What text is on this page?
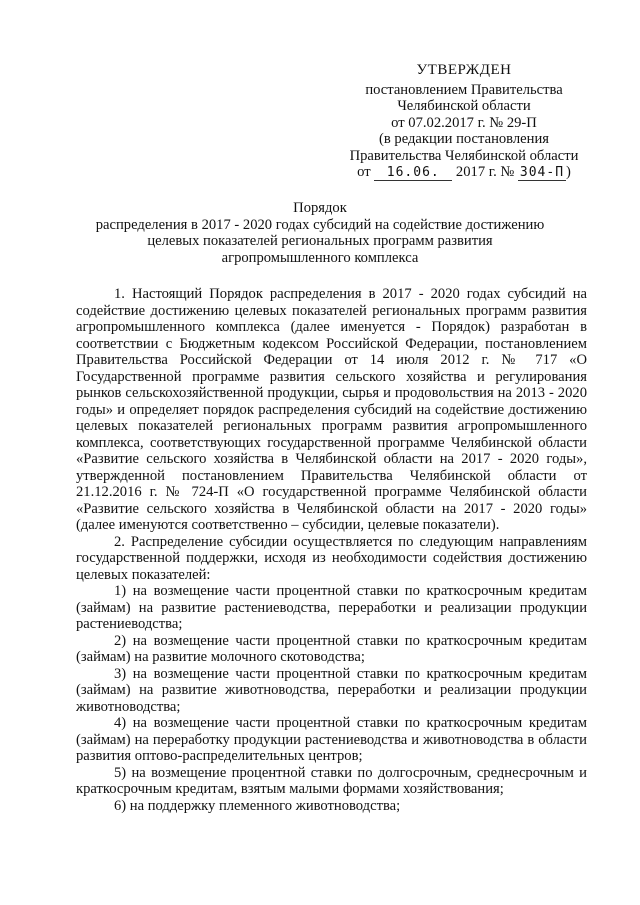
УТВЕРЖДЕН
постановлением Правительства
Челябинской области
от 07.02.2017 г. № 29-П
(в редакции постановления
Правительства Челябинской области
от 16.06. 2017 г. № 304-П )
Порядок
распределения в 2017 - 2020 годах субсидий на содействие достижению
целевых показателей региональных программ развития
агропромышленного комплекса

1. Настоящий Порядок распределения в 2017 - 2020 годах субсидий на содействие достижению целевых показателей региональных программ развития агропромышленного комплекса (далее именуется - Порядок) разработан в соответствии с Бюджетным кодексом Российской Федерации, постановлением Правительства Российской Федерации от 14 июля 2012 г. № 717 «О Государственной программе развития сельского хозяйства и регулирования рынков сельскохозяйственной продукции, сырья и продовольствия на 2013 - 2020 годы» и определяет порядок распределения субсидий на содействие достижению целевых показателей региональных программ развития агропромышленного комплекса, соответствующих государственной программе Челябинской области «Развитие сельского хозяйства в Челябинской области на 2017 - 2020 годы», утвержденной постановлением Правительства Челябинской области от 21.12.2016 г. № 724-П «О государственной программе Челябинской области «Развитие сельского хозяйства в Челябинской области на 2017 - 2020 годы» (далее именуются соответственно – субсидии, целевые показатели).

2. Распределение субсидии осуществляется по следующим направлениям государственной поддержки, исходя из необходимости содействия достижению целевых показателей:

1) на возмещение части процентной ставки по краткосрочным кредитам (займам) на развитие растениеводства, переработки и реализации продукции растениеводства;

2) на возмещение части процентной ставки по краткосрочным кредитам (займам) на развитие молочного скотоводства;

3) на возмещение части процентной ставки по краткосрочным кредитам (займам) на развитие животноводства, переработки и реализации продукции животноводства;

4) на возмещение части процентной ставки по краткосрочным кредитам (займам) на переработку продукции растениеводства и животноводства в области развития оптово-распределительных центров;

5) на возмещение процентной ставки по долгосрочным, среднесрочным и краткосрочным кредитам, взятым малыми формами хозяйствования;

6) на поддержку племенного животноводства;
